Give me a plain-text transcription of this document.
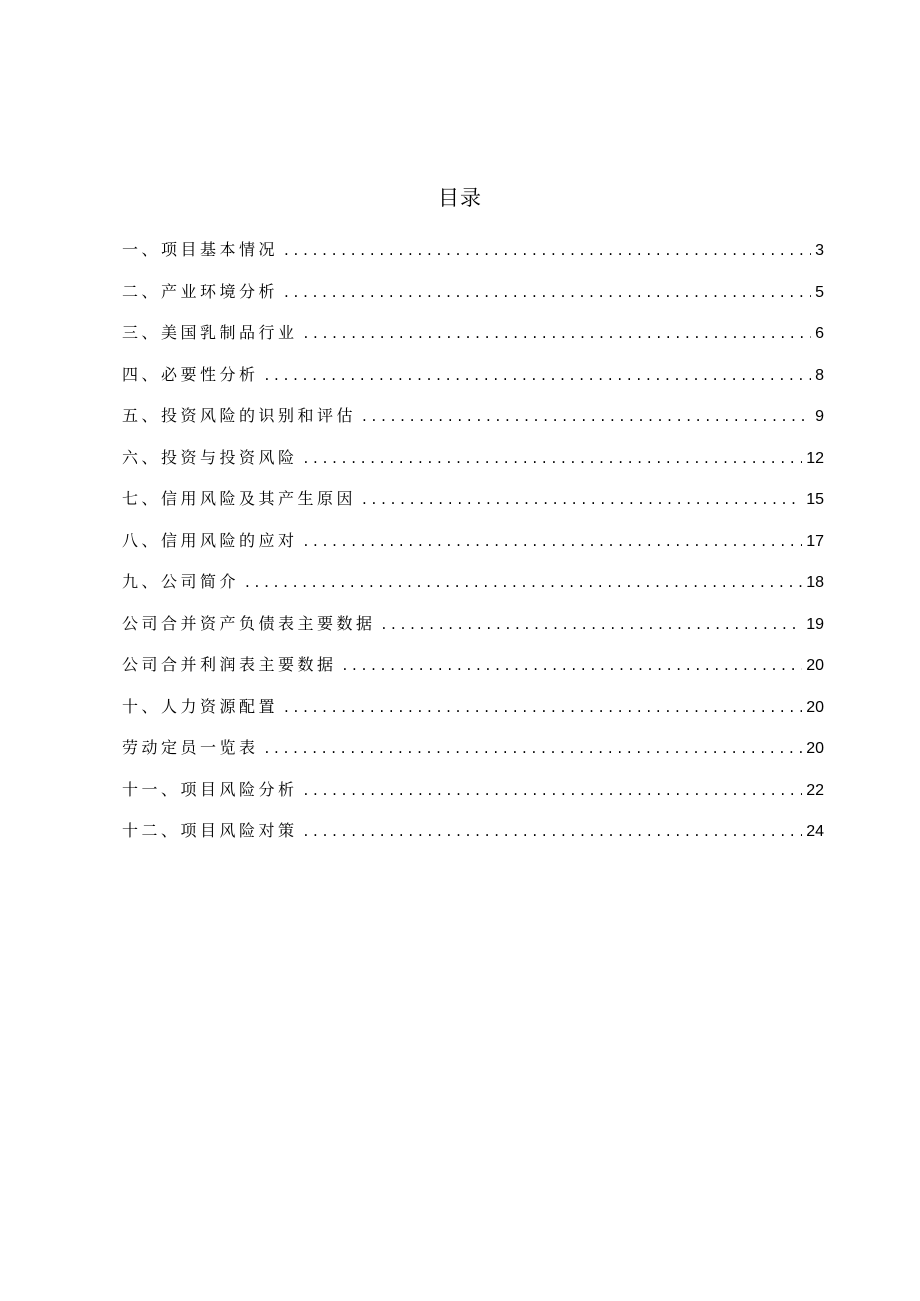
目录
一、项目基本情况 . . .	3
二、产业环境分析 . . .	5
三、美国乳制品行业 . . .	6
四、必要性分析 . . .	8
五、投资风险的识别和评估 . . .	9
六、投资与投资风险 . . .	12
七、信用风险及其产生原因 . . .	15
八、信用风险的应对 . . .	17
九、公司简介 . . .	18
公司合并资产负债表主要数据 . . .	19
公司合并利润表主要数据 . . .	20
十、人力资源配置 . . .	20
劳动定员一览表 . . .	20
十一、项目风险分析 . . .	22
十二、项目风险对策 . . .	24
